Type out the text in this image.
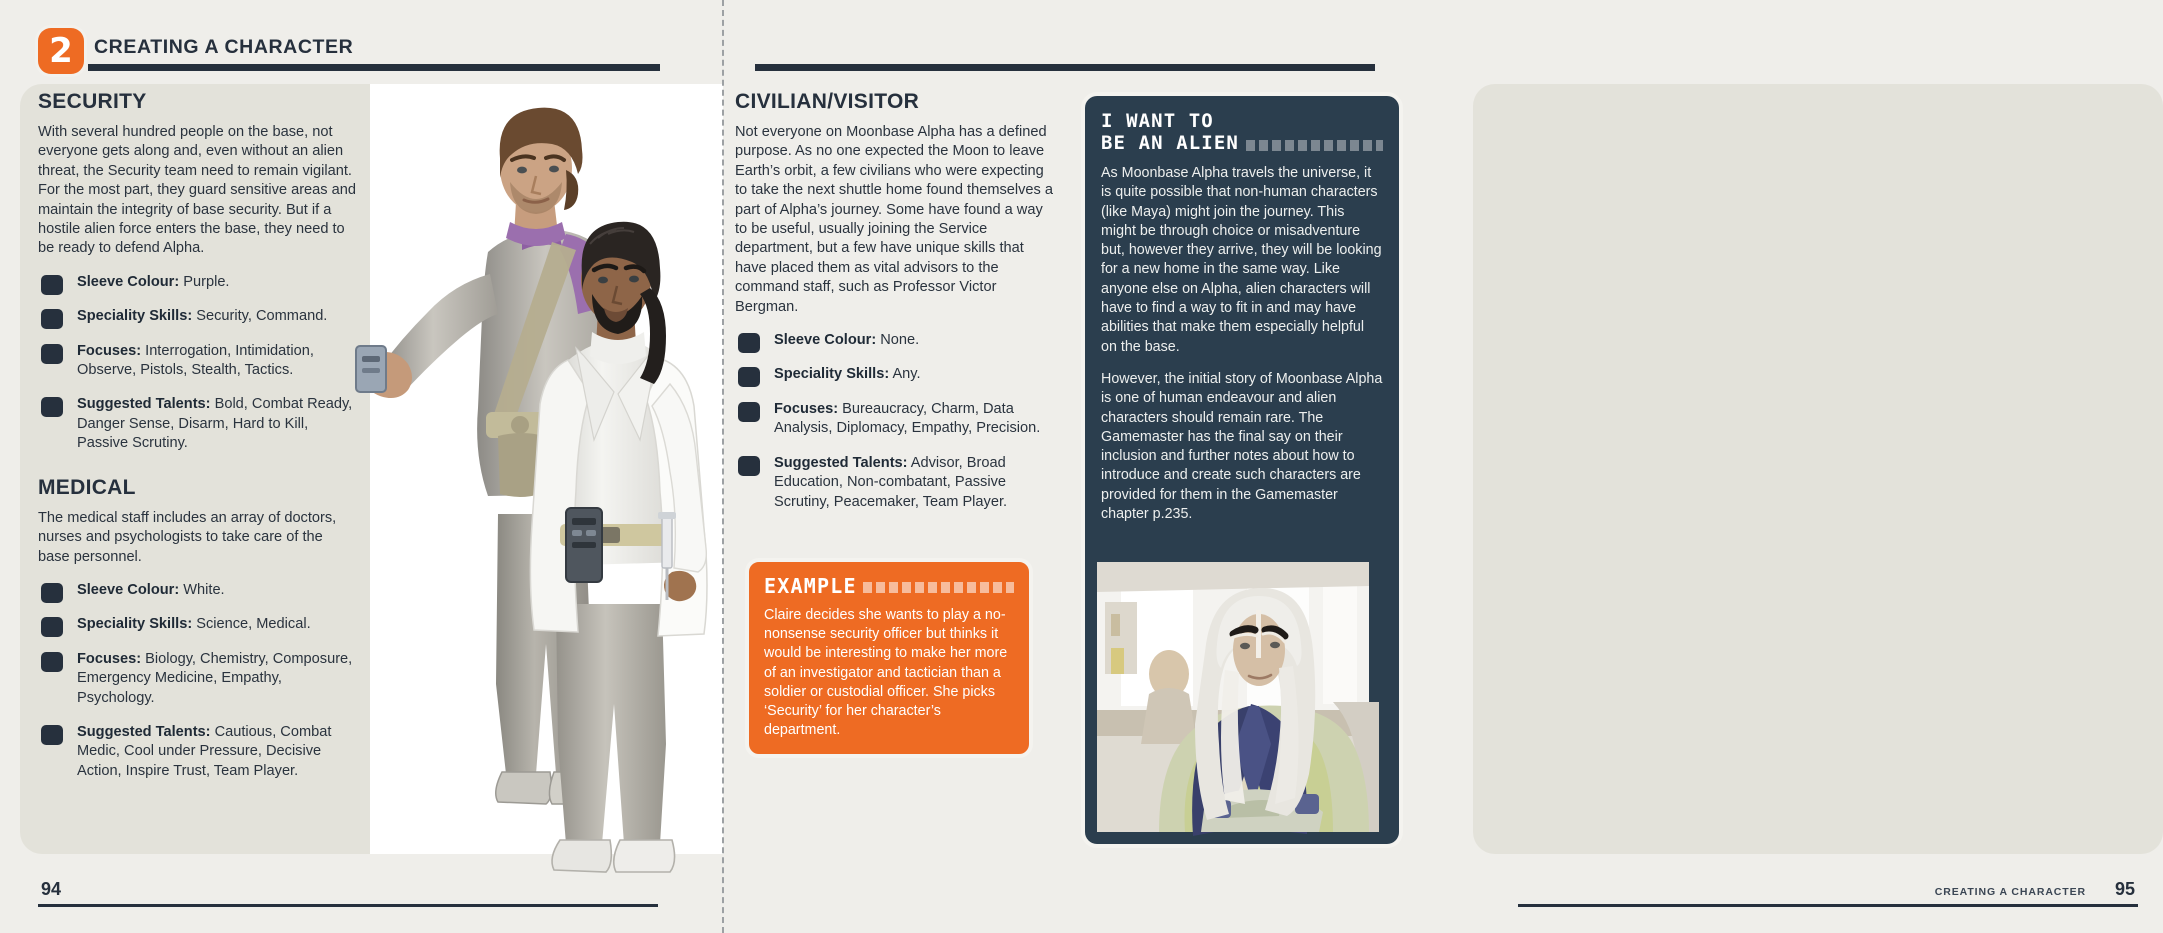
2	CREATING A CHARACTER
SECURITY

With several hundred people on the base, not everyone gets along and, even without an alien threat, the Security team need to remain vigilant. For the most part, they guard sensitive areas and maintain the integrity of base security. But if a hostile alien force enters the base, they need to be ready to defend Alpha.

Sleeve Colour: Purple.
Speciality Skills: Security, Command.
Focuses: Interrogation, Intimidation, Observe, Pistols, Stealth, Tactics.
Suggested Talents: Bold, Combat Ready, Danger Sense, Disarm, Hard to Kill, Passive Scrutiny.
MEDICAL

The medical staff includes an array of doctors, nurses and psychologists to take care of the base personnel.

Sleeve Colour: White.
Speciality Skills: Science, Medical.
Focuses: Biology, Chemistry, Composure, Emergency Medicine, Empathy, Psychology.
Suggested Talents: Cautious, Combat Medic, Cool under Pressure, Decisive Action, Inspire Trust, Team Player.
94
CIVILIAN/VISITOR

Not everyone on Moonbase Alpha has a defined purpose. As no one expected the Moon to leave Earth’s orbit, a few civilians who were expecting to take the next shuttle home found themselves a part of Alpha’s journey. Some have found a way to be useful, usually joining the Service department, but a few have unique skills that have placed them as vital advisors to the command staff, such as Professor Victor Bergman.

Sleeve Colour: None.
Speciality Skills: Any.
Focuses: Bureaucracy, Charm, Data Analysis, Diplomacy, Empathy, Precision.
Suggested Talents: Advisor, Broad Education, Non-combatant, Passive Scrutiny, Peacemaker, Team Player.
EXAMPLE

Claire decides she wants to play a no-nonsense security officer but thinks it would be interesting to make her more of an investigator and tactician than a soldier or custodial officer. She picks ‘Security’ for her character’s department.

I WANT TO
BE AN ALIEN

As Moonbase Alpha travels the universe, it is quite possible that non-human characters (like Maya) might join the journey. This might be through choice or misadventure but, however they arrive, they will be looking for a new home in the same way. Like anyone else on Alpha, alien characters will have to find a way to fit in and may have abilities that make them especially helpful on the base.

However, the initial story of Moonbase Alpha is one of human endeavour and alien characters should remain rare. The Gamemaster has the final say on their inclusion and further notes about how to introduce and create such characters are provided for them in the Gamemaster chapter p.235.

CREATING A CHARACTER 95
